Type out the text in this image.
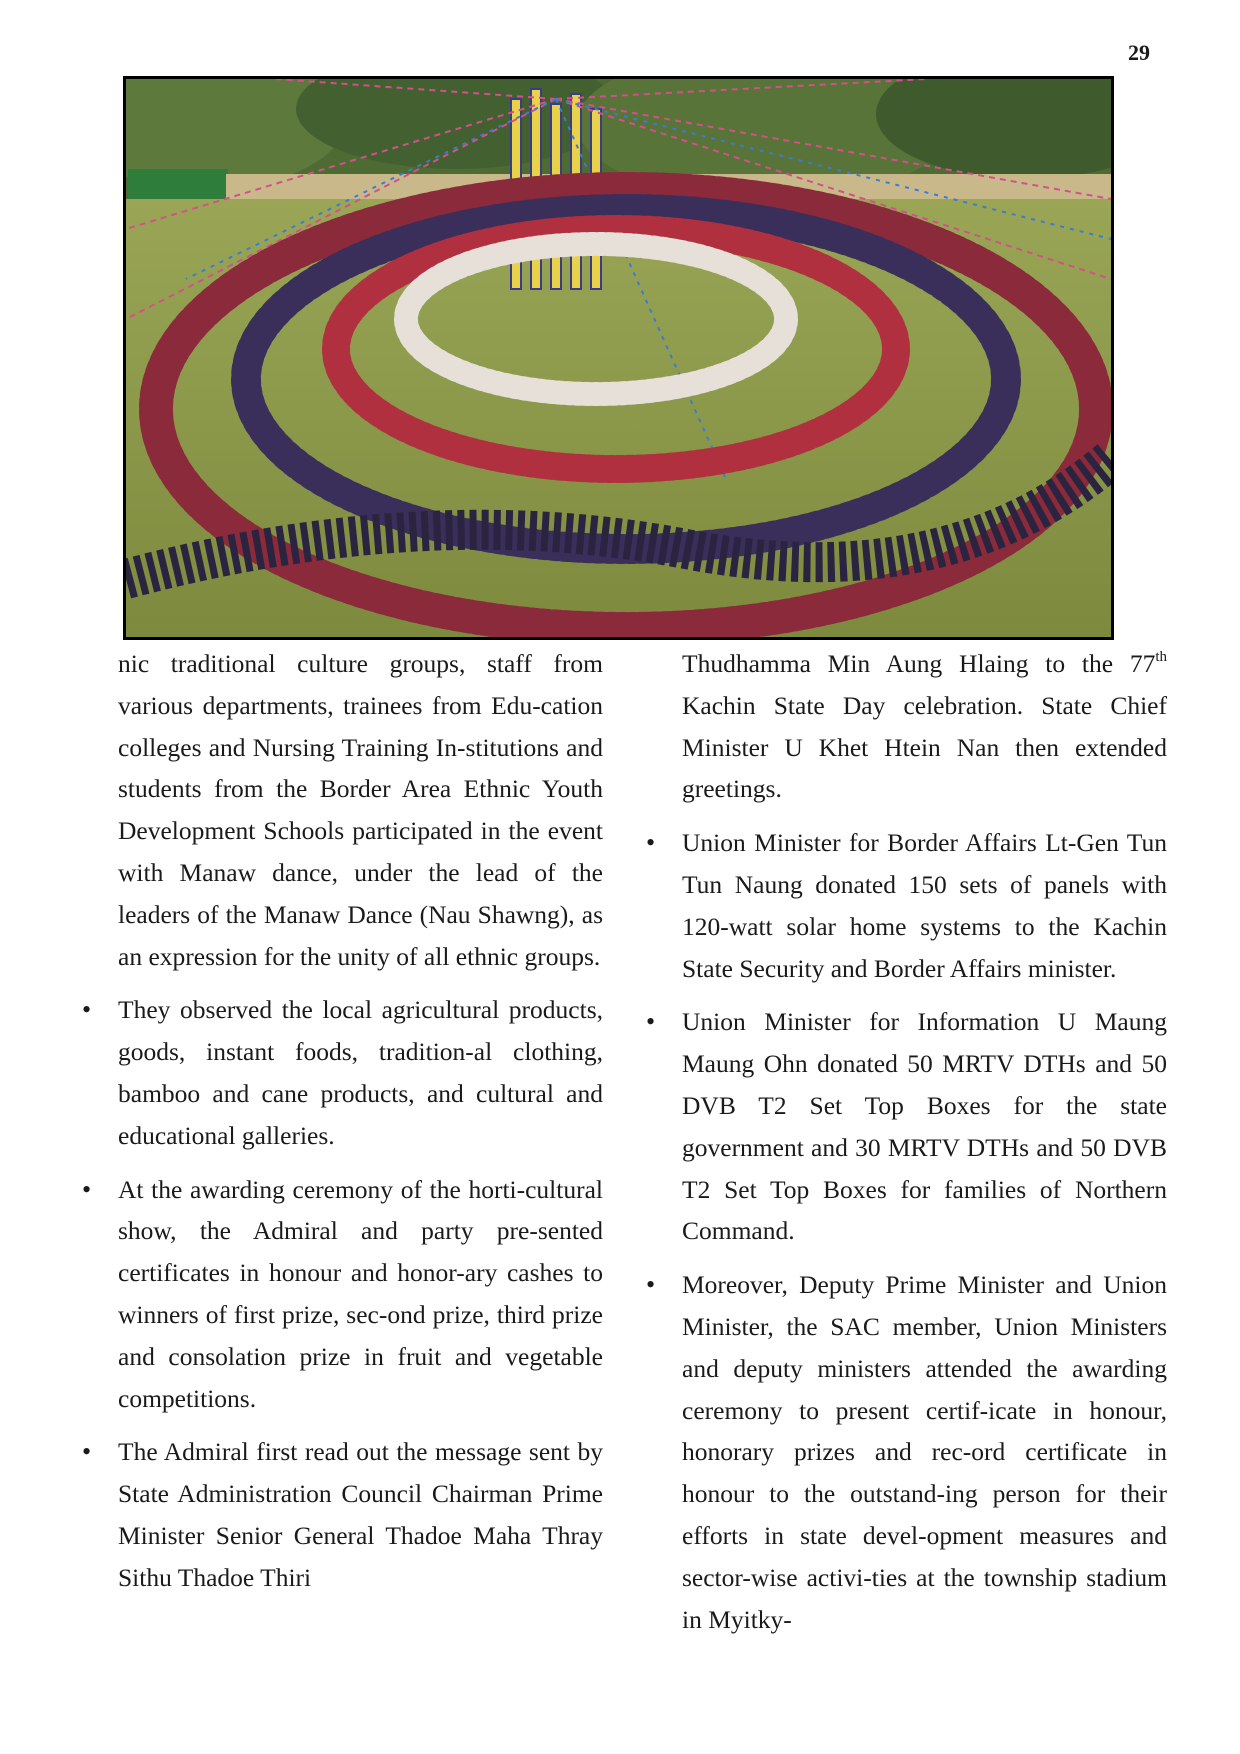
29

nic traditional culture groups, staff from various departments, trainees from Edu-cation colleges and Nursing Training In-stitutions and students from the Border Area Ethnic Youth Development Schools participated in the event with Manaw dance, under the lead of the leaders of the Manaw Dance (Nau Shawng), as an expression for the unity of all ethnic groups.

• They observed the local agricultural products, goods, instant foods, tradition-al clothing, bamboo and cane products, and cultural and educational galleries.
• At the awarding ceremony of the horti-cultural show, the Admiral and party pre-sented certificates in honour and honor-ary cashes to winners of first prize, sec-ond prize, third prize and consolation prize in fruit and vegetable competitions.
• The Admiral first read out the message sent by State Administration Council Chairman Prime Minister Senior General Thadoe Maha Thray Sithu Thadoe Thiri

Thudhamma Min Aung Hlaing to the 77th Kachin State Day celebration. State Chief Minister U Khet Htein Nan then extended greetings.

• Union Minister for Border Affairs Lt-Gen Tun Tun Naung donated 150 sets of panels with 120-watt solar home systems to the Kachin State Security and Border Affairs minister.
• Union Minister for Information U Maung Maung Ohn donated 50 MRTV DTHs and 50 DVB T2 Set Top Boxes for the state government and 30 MRTV DTHs and 50 DVB T2 Set Top Boxes for families of Northern Command.
• Moreover, Deputy Prime Minister and Union Minister, the SAC member, Union Ministers and deputy ministers attended the awarding ceremony to present certif-icate in honour, honorary prizes and rec-ord certificate in honour to the outstand-ing person for their efforts in state devel-opment measures and sector-wise activi-ties at the township stadium in Myitky-
